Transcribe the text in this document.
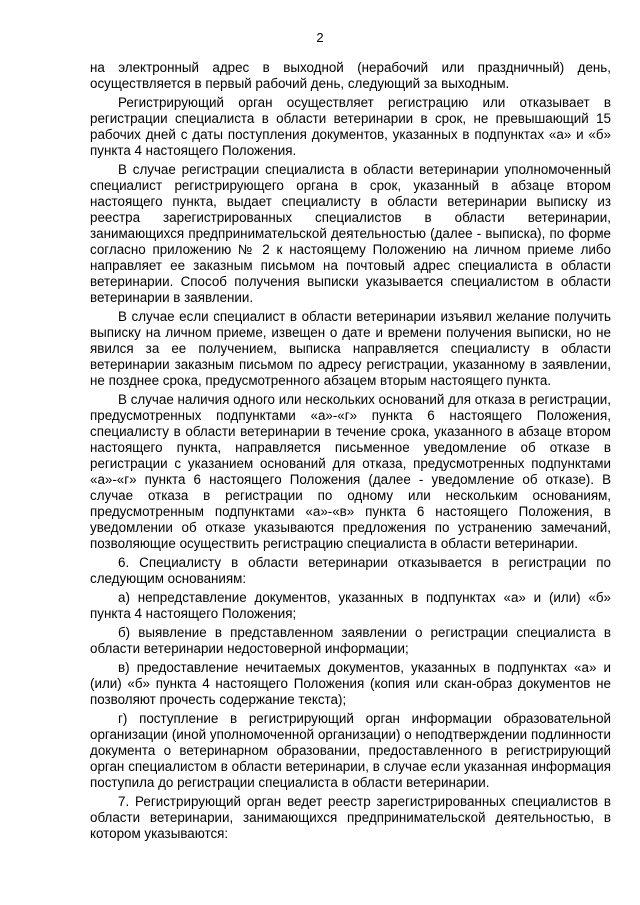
2

на электронный адрес в выходной (нерабочий или праздничный) день, осуществляется в первый рабочий день, следующий за выходным.

Регистрирующий орган осуществляет регистрацию или отказывает в регистрации специалиста в области ветеринарии в срок, не превышающий 15 рабочих дней с даты поступления документов, указанных в подпунктах «а» и «б» пункта 4 настоящего Положения.

В случае регистрации специалиста в области ветеринарии уполномоченный специалист регистрирующего органа в срок, указанный в абзаце втором настоящего пункта, выдает специалисту в области ветеринарии выписку из реестра зарегистрированных специалистов в области ветеринарии, занимающихся предпринимательской деятельностью (далее - выписка), по форме согласно приложению № 2 к настоящему Положению на личном приеме либо направляет ее заказным письмом на почтовый адрес специалиста в области ветеринарии. Способ получения выписки указывается специалистом в области ветеринарии в заявлении.

В случае если специалист в области ветеринарии изъявил желание получить выписку на личном приеме, извещен о дате и времени получения выписки, но не явился за ее получением, выписка направляется специалисту в области ветеринарии заказным письмом по адресу регистрации, указанному в заявлении, не позднее срока, предусмотренного абзацем вторым настоящего пункта.

В случае наличия одного или нескольких оснований для отказа в регистрации, предусмотренных подпунктами «а»-«г» пункта 6 настоящего Положения, специалисту в области ветеринарии в течение срока, указанного в абзаце втором настоящего пункта, направляется письменное уведомление об отказе в регистрации с указанием оснований для отказа, предусмотренных подпунктами «а»-«г» пункта 6 настоящего Положения (далее - уведомление об отказе). В случае отказа в регистрации по одному или нескольким основаниям, предусмотренным подпунктами «а»-«в» пункта 6 настоящего Положения, в уведомлении об отказе указываются предложения по устранению замечаний, позволяющие осуществить регистрацию специалиста в области ветеринарии.

6. Специалисту в области ветеринарии отказывается в регистрации по следующим основаниям:

а) непредставление документов, указанных в подпунктах «а» и (или) «б» пункта 4 настоящего Положения;

б) выявление в представленном заявлении о регистрации специалиста в области ветеринарии недостоверной информации;

в) предоставление нечитаемых документов, указанных в подпунктах «а» и (или) «б» пункта 4 настоящего Положения (копия или скан-образ документов не позволяют прочесть содержание текста);

г) поступление в регистрирующий орган информации образовательной организации (иной уполномоченной организации) о неподтверждении подлинности документа о ветеринарном образовании, предоставленного в регистрирующий орган специалистом в области ветеринарии, в случае если указанная информация поступила до регистрации специалиста в области ветеринарии.

7. Регистрирующий орган ведет реестр зарегистрированных специалистов в области ветеринарии, занимающихся предпринимательской деятельностью, в котором указываются:
